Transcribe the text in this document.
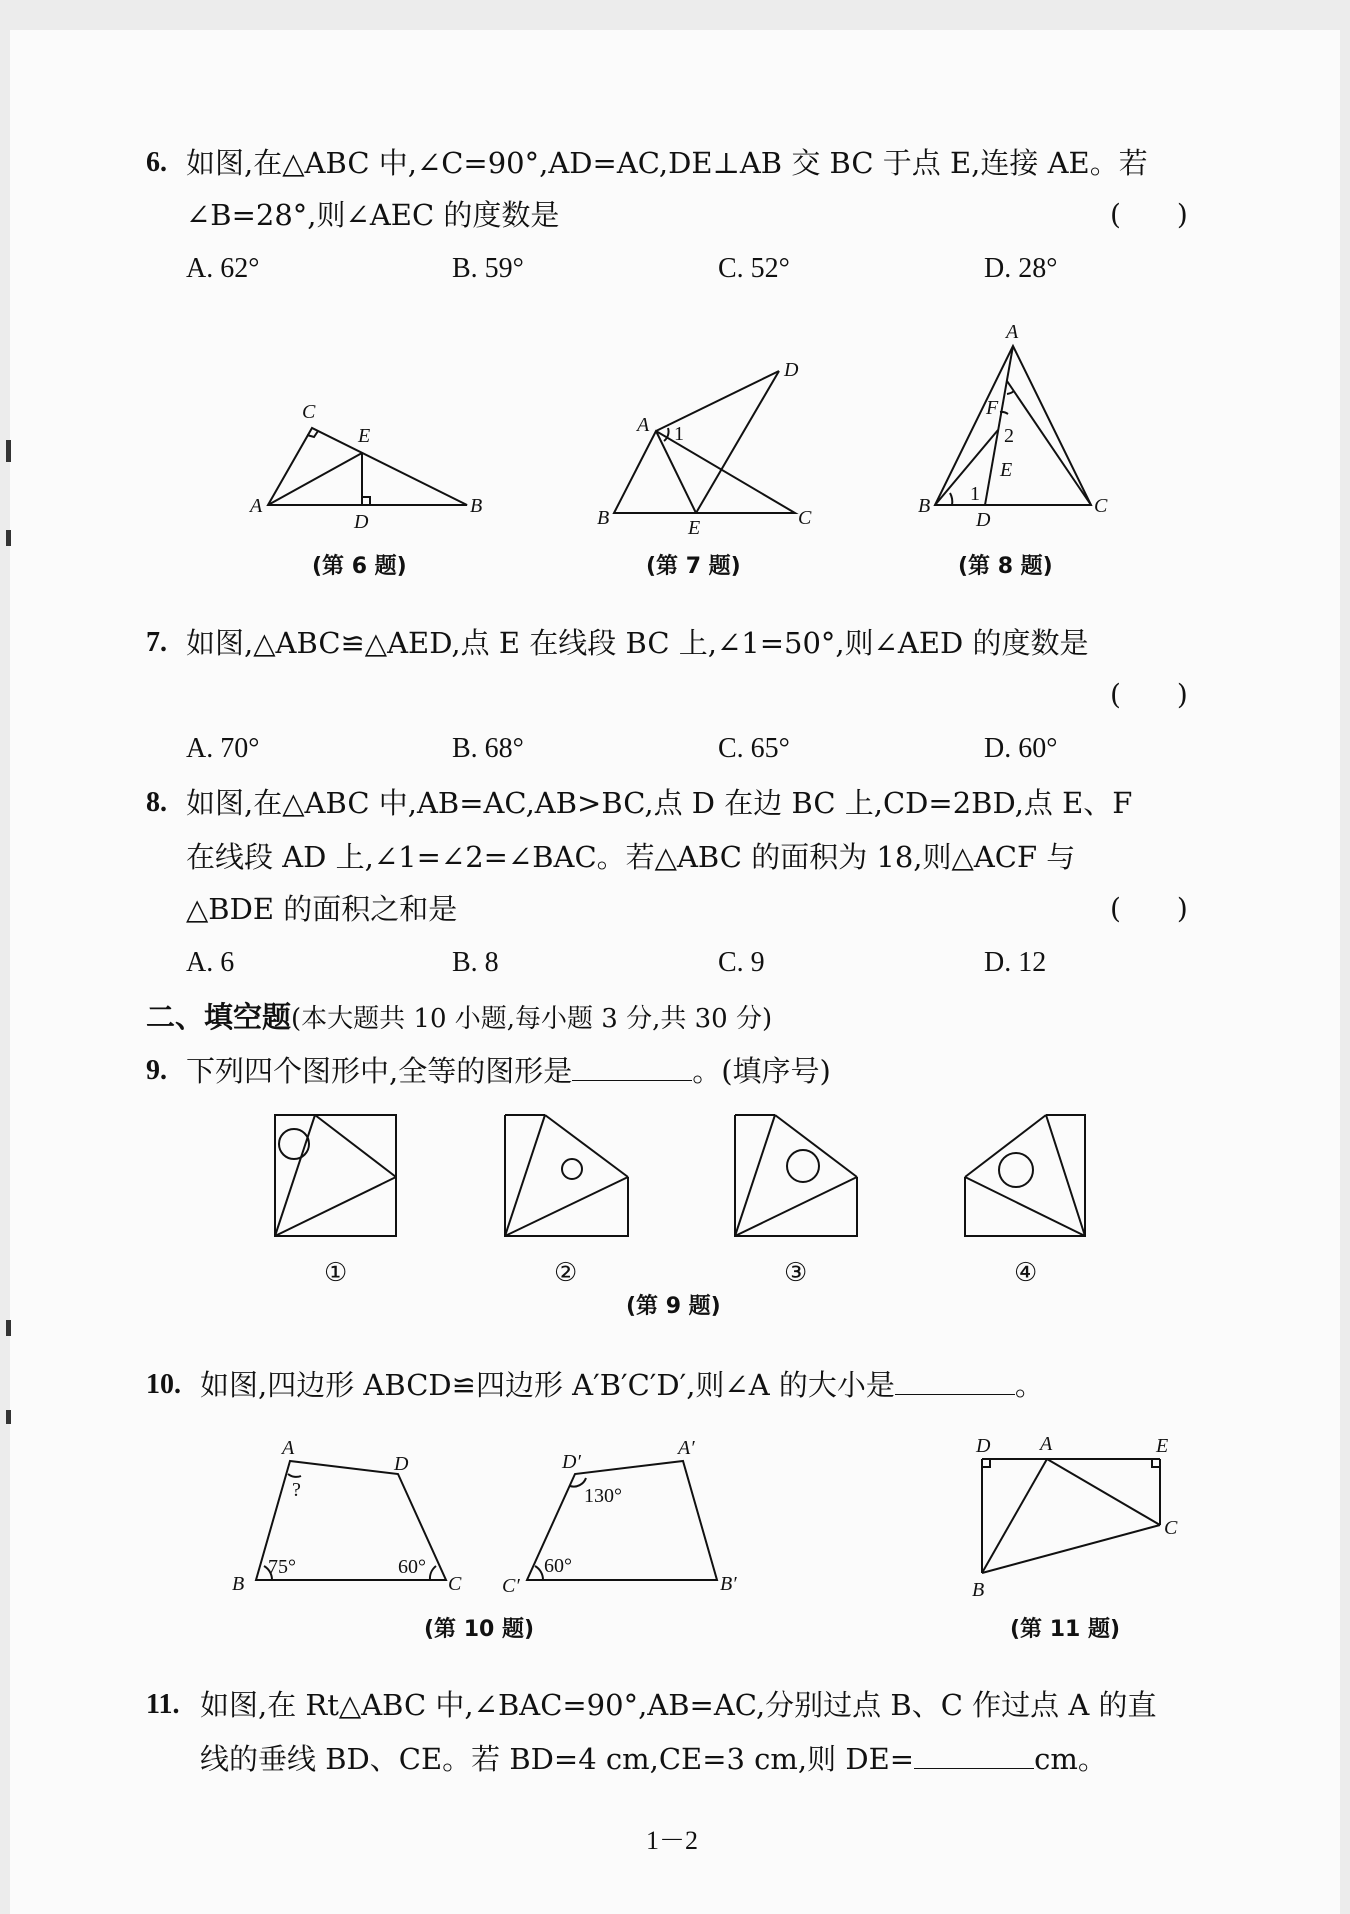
6. 如图,在△ABC 中,∠C=90°,AD=AC,DE⊥AB 交 BC 于点 E,连接 AE。若
∠B=28°,则∠AEC 的度数是	(　　)
A. 62°	B. 59°	C. 52°	D. 28°
C
E
A
D
B
D
A 1
B	E	C
A
F
2
E
1
B
D
C
(第 6 题)	(第 7 题)	(第 8 题)
7. 如图,△ABC≌△AED,点 E 在线段 BC 上,∠1=50°,则∠AED 的度数是
(　　)
A. 70°	B. 68°	C. 65°	D. 60°
8. 如图,在△ABC 中,AB=AC,AB>BC,点 D 在边 BC 上,CD=2BD,点 E、F
在线段 AD 上,∠1=∠2=∠BAC。若△ABC 的面积为 18,则△ACF 与
△BDE 的面积之和是	(　　)
A. 6	B. 8	C. 9	D. 12
二、填空题(本大题共 10 小题,每小题 3 分,共 30 分)
9. 下列四个图形中,全等的图形是	。(填序号)
①	②	③	④
(第 9 题)
10. 如图,四边形 ABCD≌四边形 A′B′C′D′,则∠A 的大小是	。
A
D
?
B
75°	60°
C
D′
A′
130°
C′
60°
B′
D A	E
C
B
(第 10 题)	(第 11 题)
11. 如图,在 Rt△ABC 中,∠BAC=90°,AB=AC,分别过点 B、C 作过点 A 的直
线的垂线 BD、CE。若 BD=4 cm,CE=3 cm,则 DE=	cm。
1－2
